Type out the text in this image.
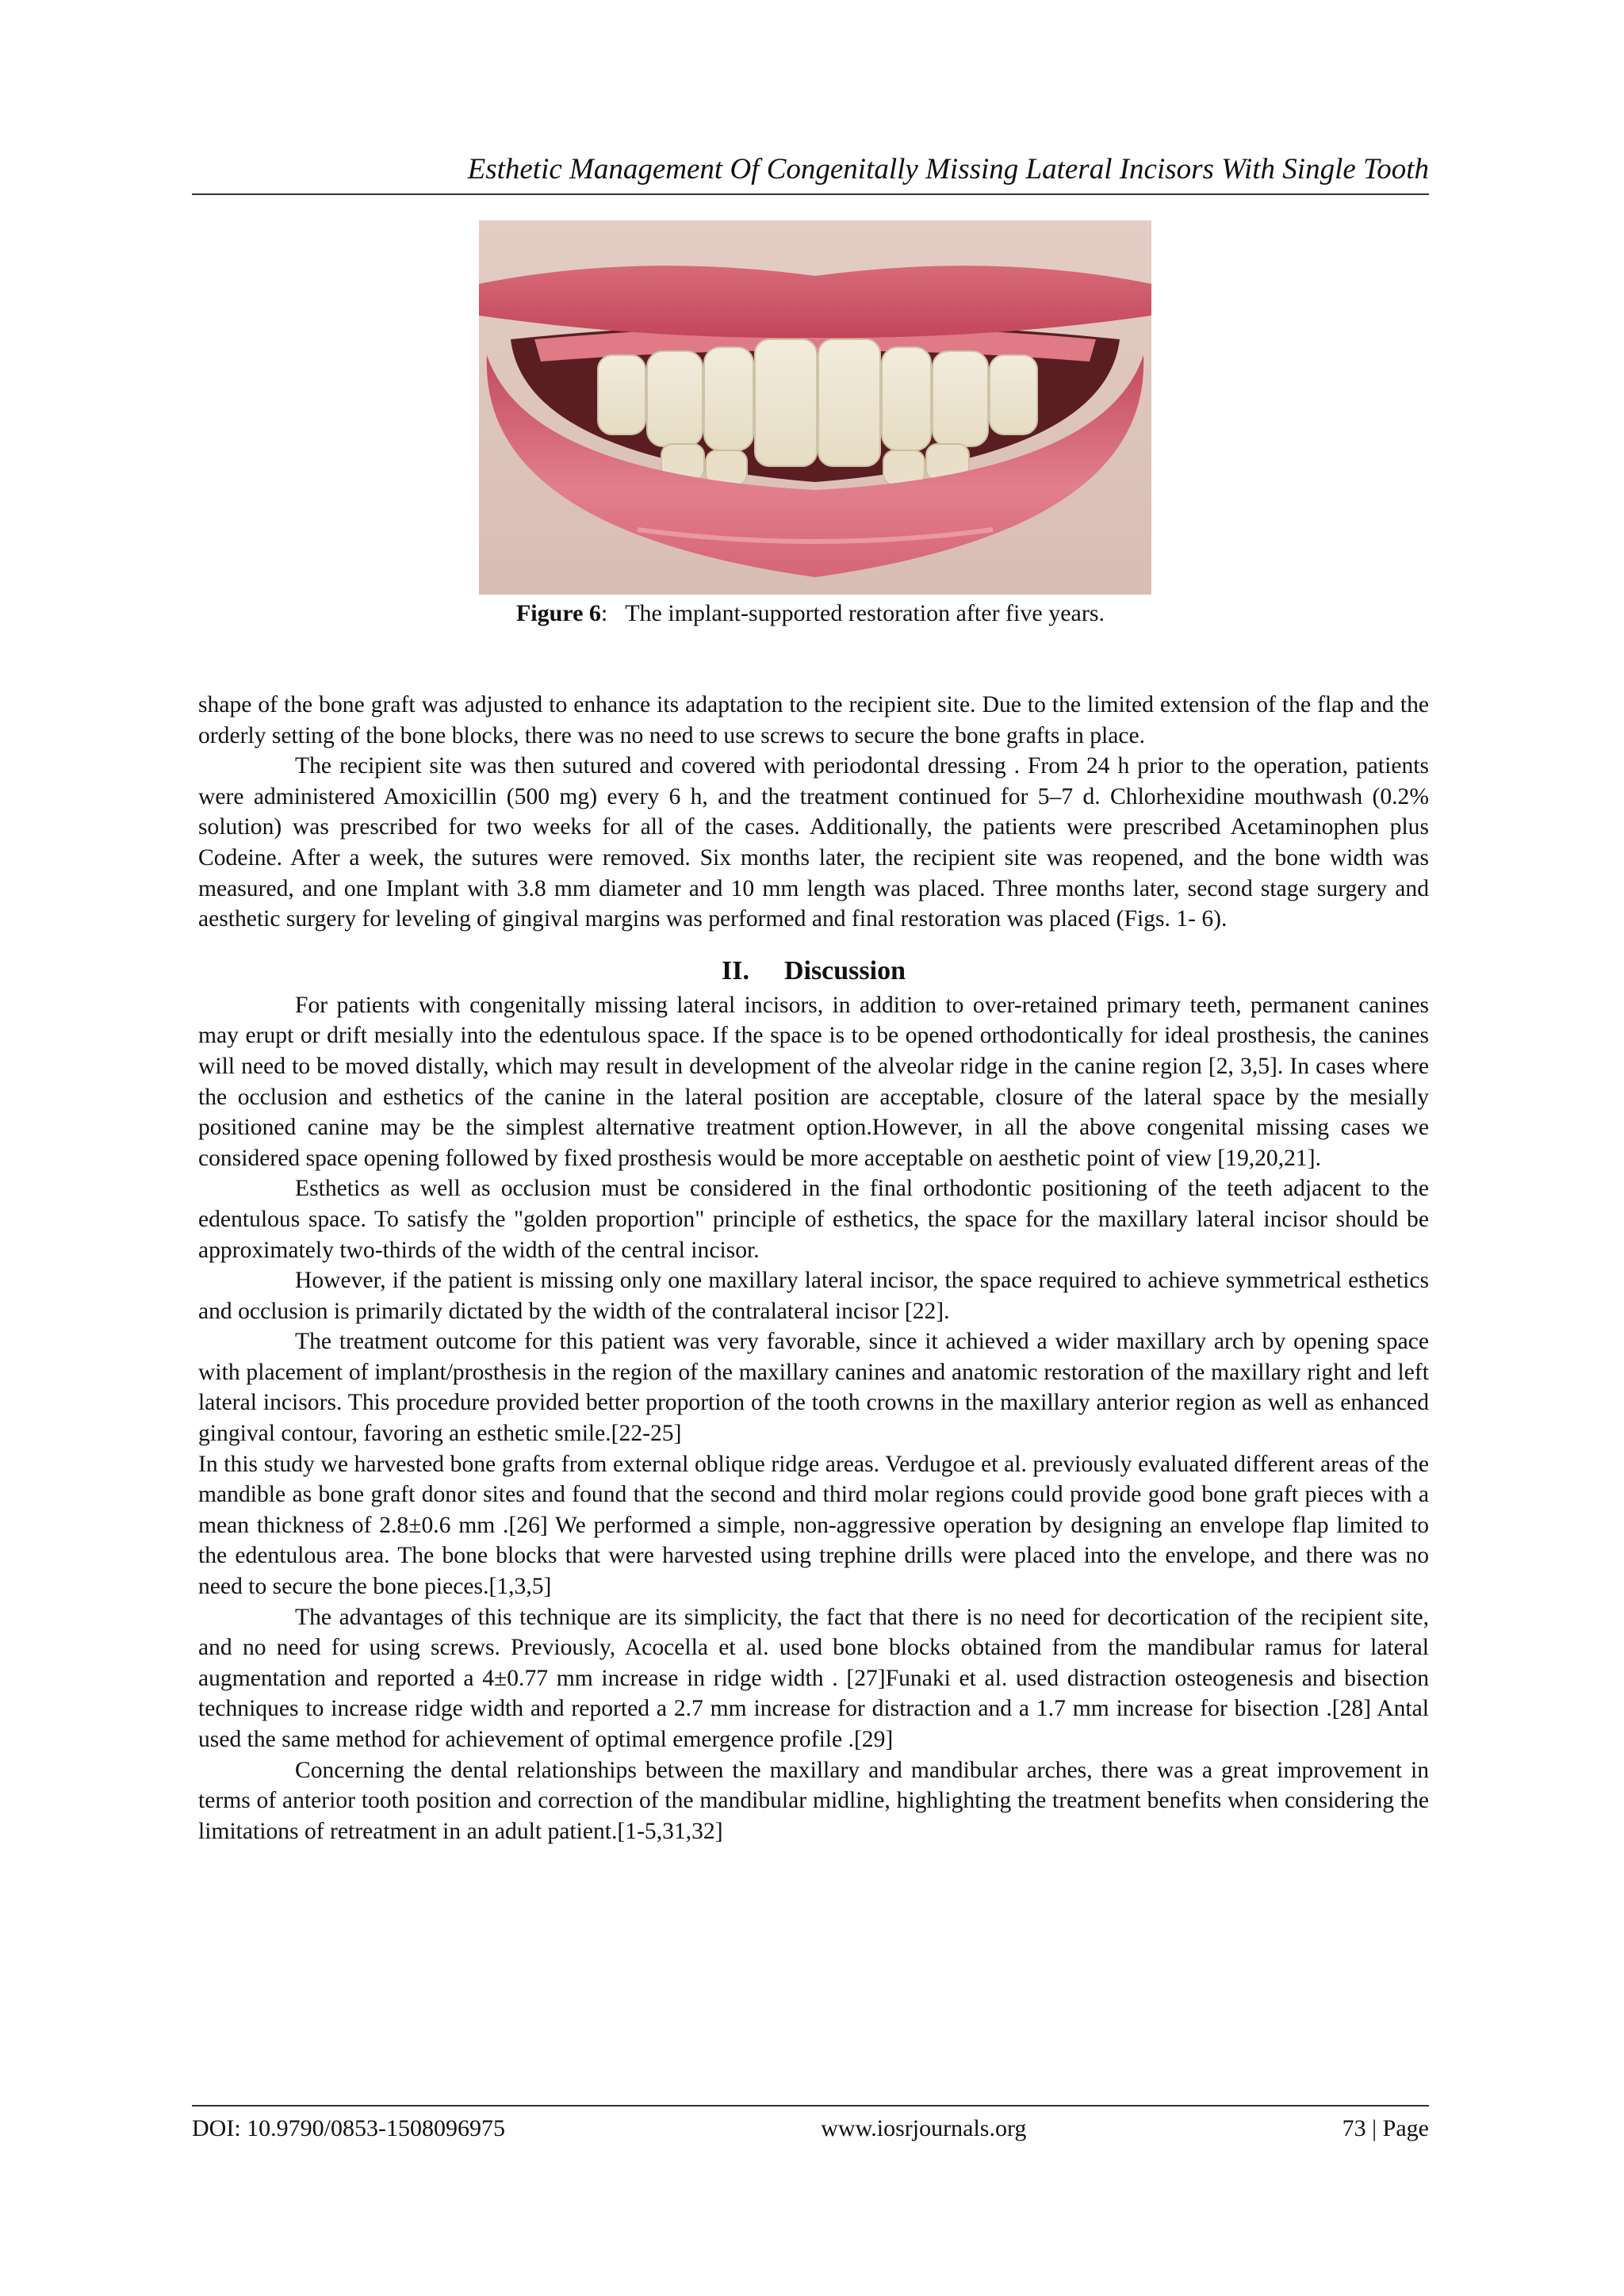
Esthetic Management Of Congenitally Missing Lateral Incisors With Single Tooth
Figure 6:   The implant-supported restoration after five years.

shape of the bone graft was adjusted to enhance its adaptation to the recipient site. Due to the limited extension of the flap and the orderly setting of the bone blocks, there was no need to use screws to secure the bone grafts in place.

The recipient site was then sutured and covered with periodontal dressing . From 24 h prior to the operation, patients were administered Amoxicillin (500 mg) every 6 h, and the treatment continued for 5–7 d. Chlorhexidine mouthwash (0.2% solution) was prescribed for two weeks for all of the cases. Additionally, the patients were prescribed Acetaminophen plus Codeine. After a week, the sutures were removed. Six months later, the recipient site was reopened, and the bone width was measured, and one Implant with 3.8 mm diameter and 10 mm length was placed. Three months later, second stage surgery and aesthetic surgery for leveling of gingival margins was performed and final restoration was placed (Figs. 1- 6).

II. Discussion

For patients with congenitally missing lateral incisors, in addition to over-retained primary teeth, permanent canines may erupt or drift mesially into the edentulous space. If the space is to be opened orthodontically for ideal prosthesis, the canines will need to be moved distally, which may result in development of the alveolar ridge in the canine region [2, 3,5]. In cases where the occlusion and esthetics of the canine in the lateral position are acceptable, closure of the lateral space by the mesially positioned canine may be the simplest alternative treatment option.However, in all the above congenital missing cases we considered space opening followed by fixed prosthesis would be more acceptable on aesthetic point of view [19,20,21].

Esthetics as well as occlusion must be considered in the final orthodontic positioning of the teeth adjacent to the edentulous space. To satisfy the "golden proportion" principle of esthetics, the space for the maxillary lateral incisor should be approximately two-thirds of the width of the central incisor.

However, if the patient is missing only one maxillary lateral incisor, the space required to achieve symmetrical esthetics and occlusion is primarily dictated by the width of the contralateral incisor [22].

The treatment outcome for this patient was very favorable, since it achieved a wider maxillary arch by opening space with placement of implant/prosthesis in the region of the maxillary canines and anatomic restoration of the maxillary right and left lateral incisors. This procedure provided better proportion of the tooth crowns in the maxillary anterior region as well as enhanced gingival contour, favoring an esthetic smile.[22-25]

In this study we harvested bone grafts from external oblique ridge areas. Verdugoe et al. previously evaluated different areas of the mandible as bone graft donor sites and found that the second and third molar regions could provide good bone graft pieces with a mean thickness of 2.8±0.6 mm .[26] We performed a simple, non-aggressive operation by designing an envelope flap limited to the edentulous area. The bone blocks that were harvested using trephine drills were placed into the envelope, and there was no need to secure the bone pieces.[1,3,5]

The advantages of this technique are its simplicity, the fact that there is no need for decortication of the recipient site, and no need for using screws. Previously, Acocella et al. used bone blocks obtained from the mandibular ramus for lateral augmentation and reported a 4±0.77 mm increase in ridge width . [27]Funaki et al. used distraction osteogenesis and bisection techniques to increase ridge width and reported a 2.7 mm increase for distraction and a 1.7 mm increase for bisection .[28] Antal used the same method for achievement of optimal emergence profile .[29]

Concerning the dental relationships between the maxillary and mandibular arches, there was a great improvement in terms of anterior tooth position and correction of the mandibular midline, highlighting the treatment benefits when considering the limitations of retreatment in an adult patient.[1-5,31,32]

DOI: 10.9790/0853-1508096975	www.iosrjournals.org	73 | Page
